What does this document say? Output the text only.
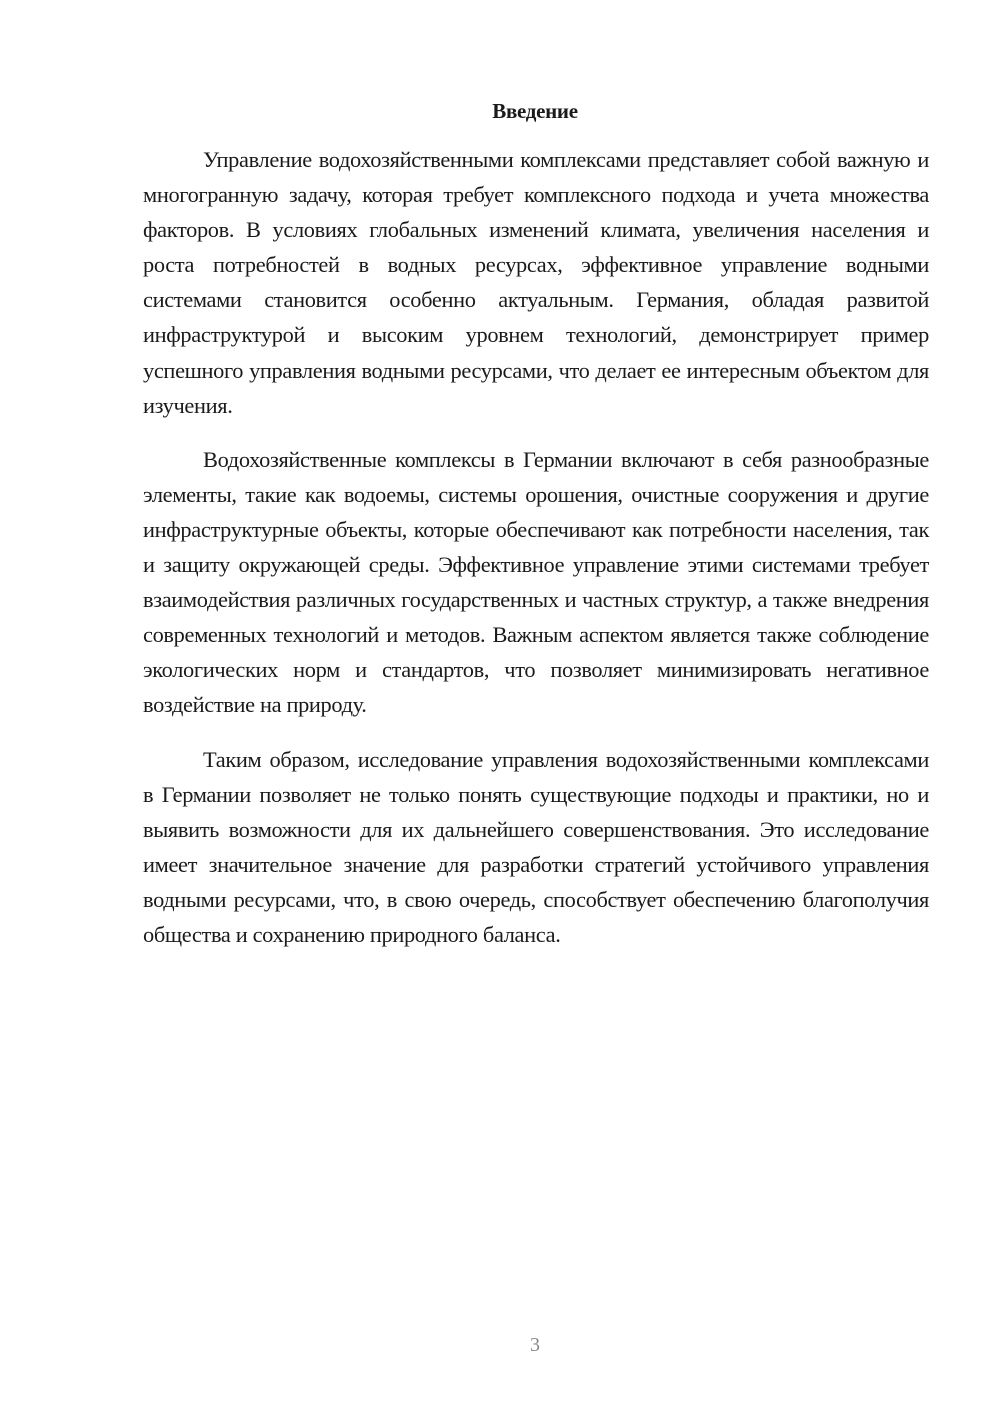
Введение

Управление водохозяйственными комплексами представляет собой важную и многогранную задачу, которая требует комплексного подхода и учета множества факторов. В условиях глобальных изменений климата, увеличения населения и роста потребностей в водных ресурсах, эффективное управление водными системами становится особенно актуальным. Германия, обладая развитой инфраструктурой и высоким уровнем технологий, демонстрирует пример успешного управления водными ресурсами, что делает ее интересным объектом для изучения.

Водохозяйственные комплексы в Германии включают в себя разнообразные элементы, такие как водоемы, системы орошения, очистные сооружения и другие инфраструктурные объекты, которые обеспечивают как потребности населения, так и защиту окружающей среды. Эффективное управление этими системами требует взаимодействия различных государственных и частных структур, а также внедрения современных технологий и методов. Важным аспектом является также соблюдение экологических норм и стандартов, что позволяет минимизировать негативное воздействие на природу.

Таким образом, исследование управления водохозяйственными комплексами в Германии позволяет не только понять существующие подходы и практики, но и выявить возможности для их дальнейшего совершенствования. Это исследование имеет значительное значение для разработки стратегий устойчивого управления водными ресурсами, что, в свою очередь, способствует обеспечению благополучия общества и сохранению природного баланса.

3
